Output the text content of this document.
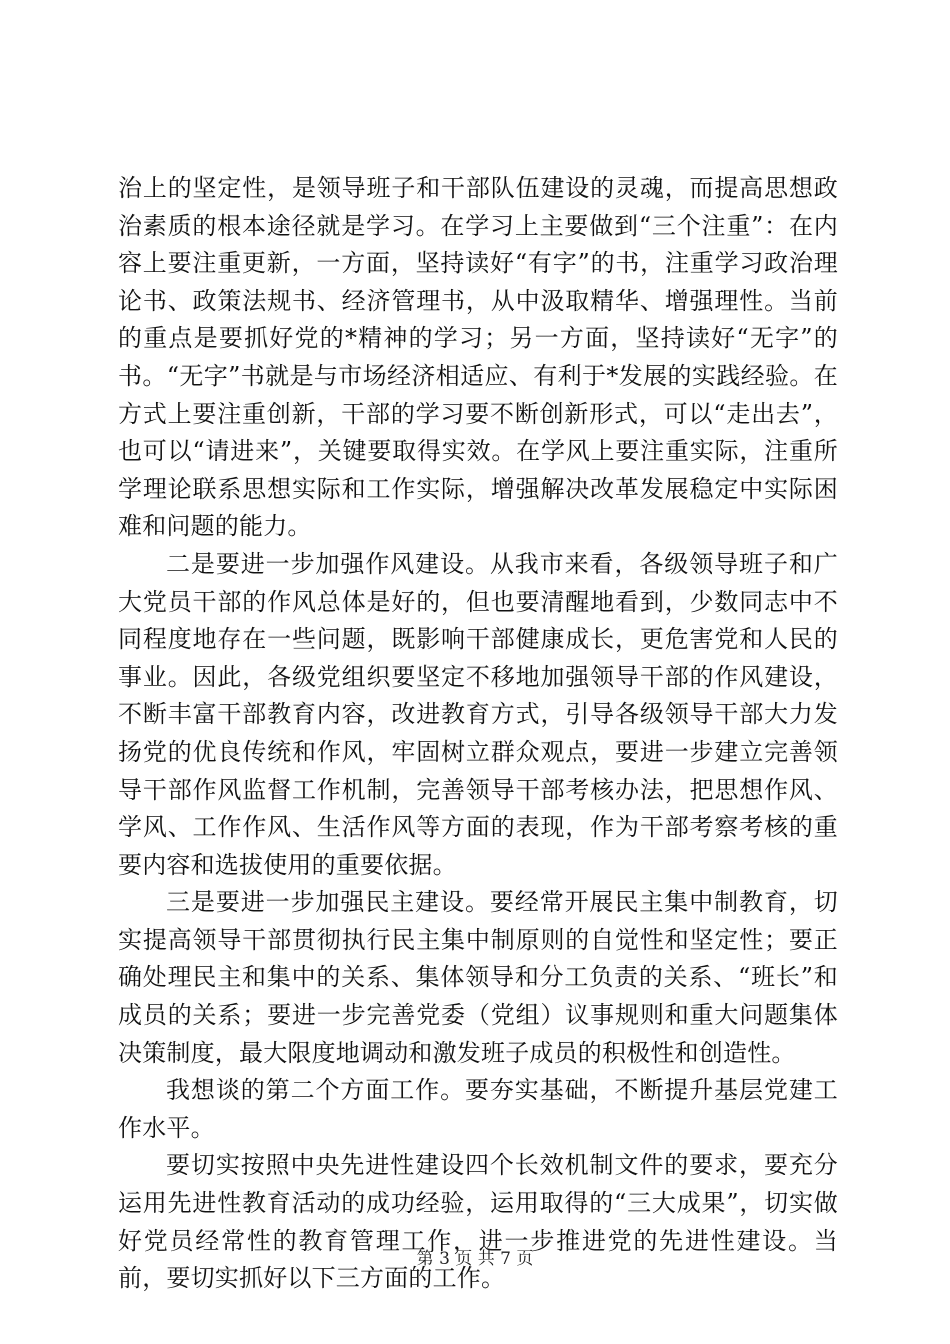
治上的坚定性，是领导班子和干部队伍建设的灵魂，而提高思想政治素质的根本途径就是学习。在学习上主要做到“三个注重”：在内容上要注重更新，一方面，坚持读好“有字”的书，注重学习政治理论书、政策法规书、经济管理书，从中汲取精华、增强理性。当前的重点是要抓好党的*精神的学习；另一方面，坚持读好“无字”的书。“无字”书就是与市场经济相适应、有利于*发展的实践经验。在方式上要注重创新，干部的学习要不断创新形式，可以“走出去”，也可以“请进来”，关键要取得实效。在学风上要注重实际，注重所学理论联系思想实际和工作实际，增强解决改革发展稳定中实际困难和问题的能力。

二是要进一步加强作风建设。从我市来看，各级领导班子和广大党员干部的作风总体是好的，但也要清醒地看到，少数同志中不同程度地存在一些问题，既影响干部健康成长，更危害党和人民的事业。因此，各级党组织要坚定不移地加强领导干部的作风建设，不断丰富干部教育内容，改进教育方式，引导各级领导干部大力发扬党的优良传统和作风，牢固树立群众观点，要进一步建立完善领导干部作风监督工作机制，完善领导干部考核办法，把思想作风、学风、工作作风、生活作风等方面的表现，作为干部考察考核的重要内容和选拔使用的重要依据。

三是要进一步加强民主建设。要经常开展民主集中制教育，切实提高领导干部贯彻执行民主集中制原则的自觉性和坚定性；要正确处理民主和集中的关系、集体领导和分工负责的关系、“班长”和成员的关系；要进一步完善党委（党组）议事规则和重大问题集体决策制度，最大限度地调动和激发班子成员的积极性和创造性。

我想谈的第二个方面工作。要夯实基础，不断提升基层党建工作水平。

要切实按照中央先进性建设四个长效机制文件的要求，要充分运用先进性教育活动的成功经验，运用取得的“三大成果”，切实做好党员经常性的教育管理工作，进一步推进党的先进性建设。当前，要切实抓好以下三方面的工作。

第 3 页 共 7 页
